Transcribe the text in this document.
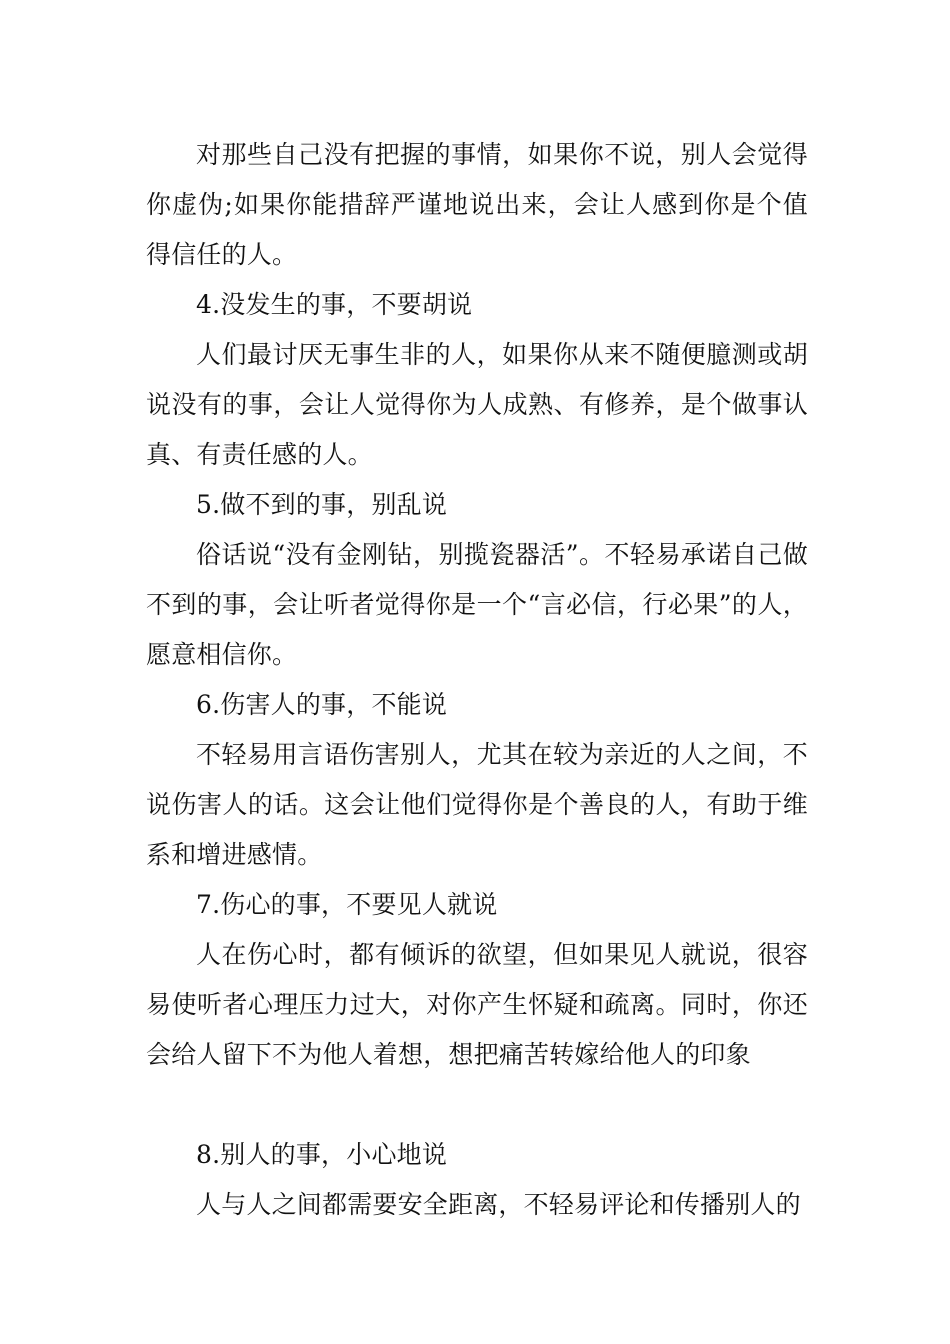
对那些自己没有把握的事情，如果你不说，别人会觉得你虚伪;如果你能措辞严谨地说出来，会让人感到你是个值得信任的人。

4.没发生的事，不要胡说

人们最讨厌无事生非的人，如果你从来不随便臆测或胡说没有的事，会让人觉得你为人成熟、有修养，是个做事认真、有责任感的人。

5.做不到的事，别乱说

俗话说“没有金刚钻，别揽瓷器活”。不轻易承诺自己做不到的事，会让听者觉得你是一个“言必信，行必果”的人，愿意相信你。

6.伤害人的事，不能说

不轻易用言语伤害别人，尤其在较为亲近的人之间，不说伤害人的话。这会让他们觉得你是个善良的人，有助于维系和增进感情。

7.伤心的事，不要见人就说

人在伤心时，都有倾诉的欲望，但如果见人就说，很容易使听者心理压力过大，对你产生怀疑和疏离。同时，你还会给人留下不为他人着想，想把痛苦转嫁给他人的印象

8.别人的事，小心地说

人与人之间都需要安全距离，不轻易评论和传播别人的
